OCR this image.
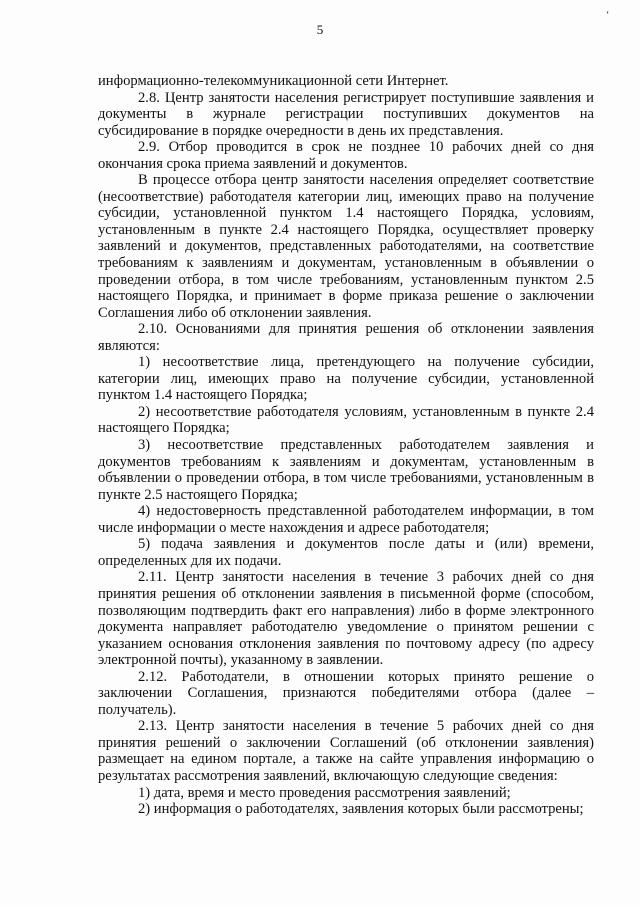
ʻ
5

информационно-телекоммуникационной сети Интернет.

2.8. Центр занятости населения регистрирует поступившие заявления и документы в журнале регистрации поступивших документов на субсидирование в порядке очередности в день их представления.

2.9. Отбор проводится в срок не позднее 10 рабочих дней со дня окончания срока приема заявлений и документов.

В процессе отбора центр занятости населения определяет соответствие (несоответствие) работодателя категории лиц, имеющих право на получение субсидии, установленной пунктом 1.4 настоящего Порядка, условиям, установленным в пункте 2.4 настоящего Порядка, осуществляет проверку заявлений и документов, представленных работодателями, на соответствие требованиям к заявлениям и документам, установленным в объявлении о проведении отбора, в том числе требованиям, установленным пунктом 2.5 настоящего Порядка, и принимает в форме приказа решение о заключении Соглашения либо об отклонении заявления.

2.10. Основаниями для принятия решения об отклонении заявления являются:

1) несоответствие лица, претендующего на получение субсидии, категории лиц, имеющих право на получение субсидии, установленной пунктом 1.4 настоящего Порядка;

2) несоответствие работодателя условиям, установленным в пункте 2.4 настоящего Порядка;

3) несоответствие представленных работодателем заявления и документов требованиям к заявлениям и документам, установленным в объявлении о проведении отбора, в том числе требованиями, установленным в пункте 2.5 настоящего Порядка;

4) недостоверность представленной работодателем информации, в том числе информации о месте нахождения и адресе работодателя;

5) подача заявления и документов после даты и (или) времени, определенных для их подачи.

2.11. Центр занятости населения в течение 3 рабочих дней со дня принятия решения об отклонении заявления в письменной форме (способом, позволяющим подтвердить факт его направления) либо в форме электронного документа направляет работодателю уведомление о принятом решении с указанием основания отклонения заявления по почтовому адресу (по адресу электронной почты), указанному в заявлении.

2.12. Работодатели, в отношении которых принято решение о заключении Соглашения, признаются победителями отбора (далее – получатель).

2.13. Центр занятости населения в течение 5 рабочих дней со дня принятия решений о заключении Соглашений (об отклонении заявления) размещает на едином портале, а также на сайте управления информацию о результатах рассмотрения заявлений, включающую следующие сведения:

1) дата, время и место проведения рассмотрения заявлений;

2) информация о работодателях, заявления которых были рассмотрены;
